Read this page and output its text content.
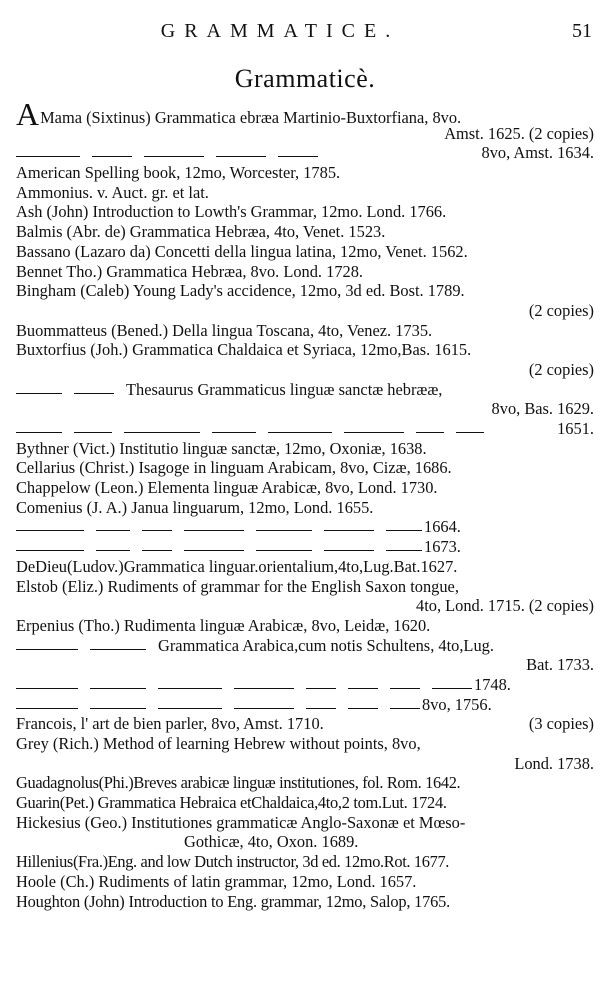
GRAMMATICE.	51
Grammaticè.
AMama (Sixtinus) Grammatica ebræa Martinio-Buxtorfiana, 8vo.
Amst. 1625. (2 copies)
8vo, Amst. 1634.
American Spelling book, 12mo, Worcester, 1785.
Ammonius. v. Auct. gr. et lat.
Ash (John) Introduction to Lowth's Grammar, 12mo. Lond. 1766.
Balmis (Abr. de) Grammatica Hebræa, 4to, Venet. 1523.
Bassano (Lazaro da) Concetti della lingua latina, 12mo, Venet. 1562.
Bennet Tho.) Grammatica Hebræa, 8vo. Lond. 1728.
Bingham (Caleb) Young Lady's accidence, 12mo, 3d ed. Bost. 1789.
(2 copies)
Buommatteus (Bened.) Della lingua Toscana, 4to, Venez. 1735.
Buxtorfius (Joh.) Grammatica Chaldaica et Syriaca, 12mo,Bas. 1615.
(2 copies)
Thesaurus Grammaticus linguæ sanctæ hebrææ,
8vo, Bas. 1629.
1651.
Bythner (Vict.) Institutio linguæ sanctæ, 12mo, Oxoniæ, 1638.
Cellarius (Christ.) Isagoge in linguam Arabicam, 8vo, Cizæ, 1686.
Chappelow (Leon.) Elementa linguæ Arabicæ, 8vo, Lond. 1730.
Comenius (J. A.) Janua linguarum, 12mo, Lond. 1655.
1664.
1673.
DeDieu(Ludov.)Grammatica linguar.orientalium,4to,Lug.Bat.1627.
Elstob (Eliz.) Rudiments of grammar for the English Saxon tongue,
4to, Lond. 1715. (2 copies)
Erpenius (Tho.) Rudimenta linguæ Arabicæ, 8vo, Leidæ, 1620.
Grammatica Arabica,cum notis Schultens, 4to,Lug.
Bat. 1733.
1748.
8vo, 1756.
Francois, l' art de bien parler, 8vo, Amst. 1710.	(3 copies)
Grey (Rich.) Method of learning Hebrew without points, 8vo,
Lond. 1738.
Guadagnolus(Phi.)Breves arabicæ linguæ institutiones, fol. Rom. 1642.
Guarin(Pet.) Grammatica Hebraica etChaldaica,4to,2 tom.Lut. 1724.
Hickesius (Geo.) Institutiones grammaticæ Anglo-Saxonæ et Mœso-
Gothicæ, 4to, Oxon. 1689.
Hillenius(Fra.)Eng. and low Dutch instructor, 3d ed. 12mo.Rot. 1677.
Hoole (Ch.) Rudiments of latin grammar, 12mo, Lond. 1657.
Houghton (John) Introduction to Eng. grammar, 12mo, Salop, 1765.
